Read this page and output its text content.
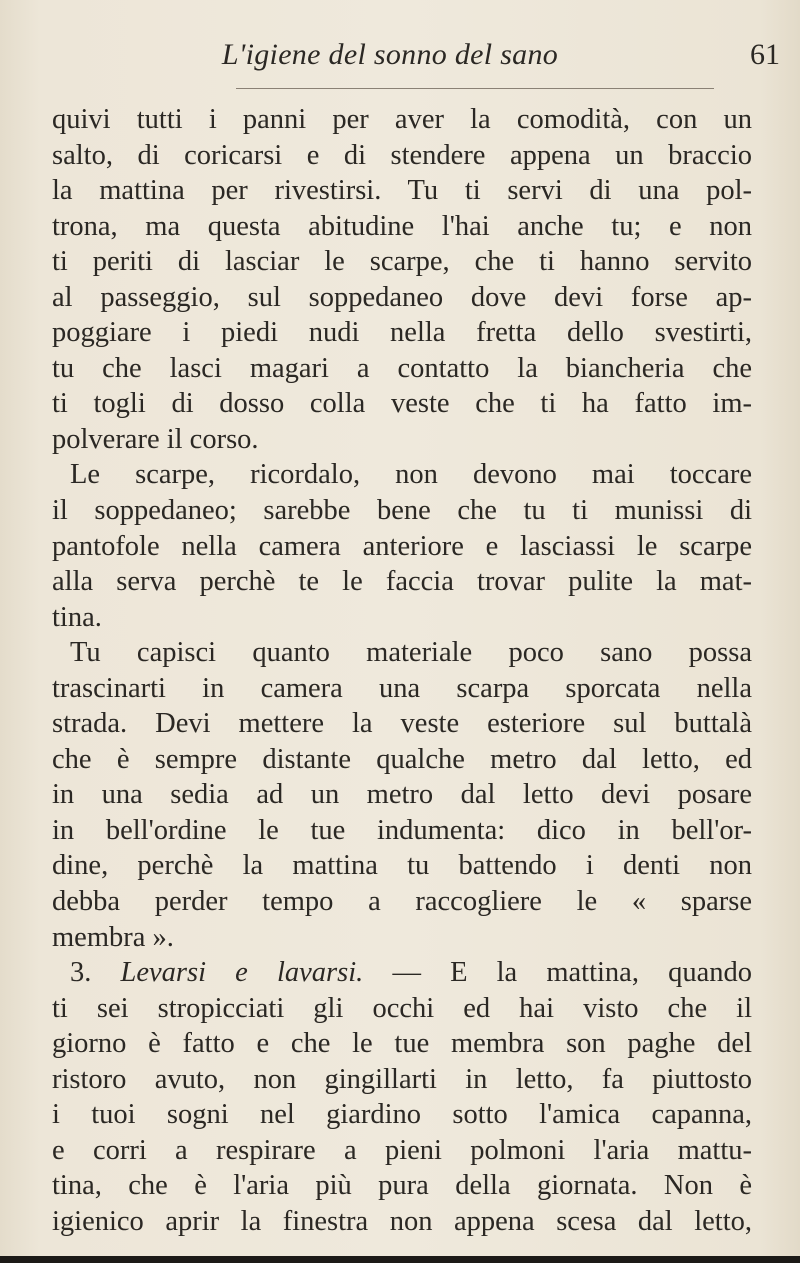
L'igiene del sonno del sano	61
quivi tutti i panni per aver la comodità, con un
salto, di coricarsi e di stendere appena un braccio
la mattina per rivestirsi. Tu ti servi di una pol-
trona, ma questa abitudine l'hai anche tu; e non
ti periti di lasciar le scarpe, che ti hanno servito
al passeggio, sul soppedaneo dove devi forse ap-
poggiare i piedi nudi nella fretta dello svestirti,
tu che lasci magari a contatto la biancheria che
ti togli di dosso colla veste che ti ha fatto im-
polverare il corso.
Le scarpe, ricordalo, non devono mai toccare
il soppedaneo; sarebbe bene che tu ti munissi di
pantofole nella camera anteriore e lasciassi le scarpe
alla serva perchè te le faccia trovar pulite la mat-
tina.
Tu capisci quanto materiale poco sano possa
trascinarti in camera una scarpa sporcata nella
strada. Devi mettere la veste esteriore sul buttalà
che è sempre distante qualche metro dal letto, ed
in una sedia ad un metro dal letto devi posare
in bell'ordine le tue indumenta: dico in bell'or-
dine, perchè la mattina tu battendo i denti non
debba perder tempo a raccogliere le « sparse
membra ».
3. Levarsi e lavarsi. — E la mattina, quando
ti sei stropicciati gli occhi ed hai visto che il
giorno è fatto e che le tue membra son paghe del
ristoro avuto, non gingillarti in letto, fa piuttosto
i tuoi sogni nel giardino sotto l'amica capanna,
e corri a respirare a pieni polmoni l'aria mattu-
tina, che è l'aria più pura della giornata. Non è
igienico aprir la finestra non appena scesa dal letto,
